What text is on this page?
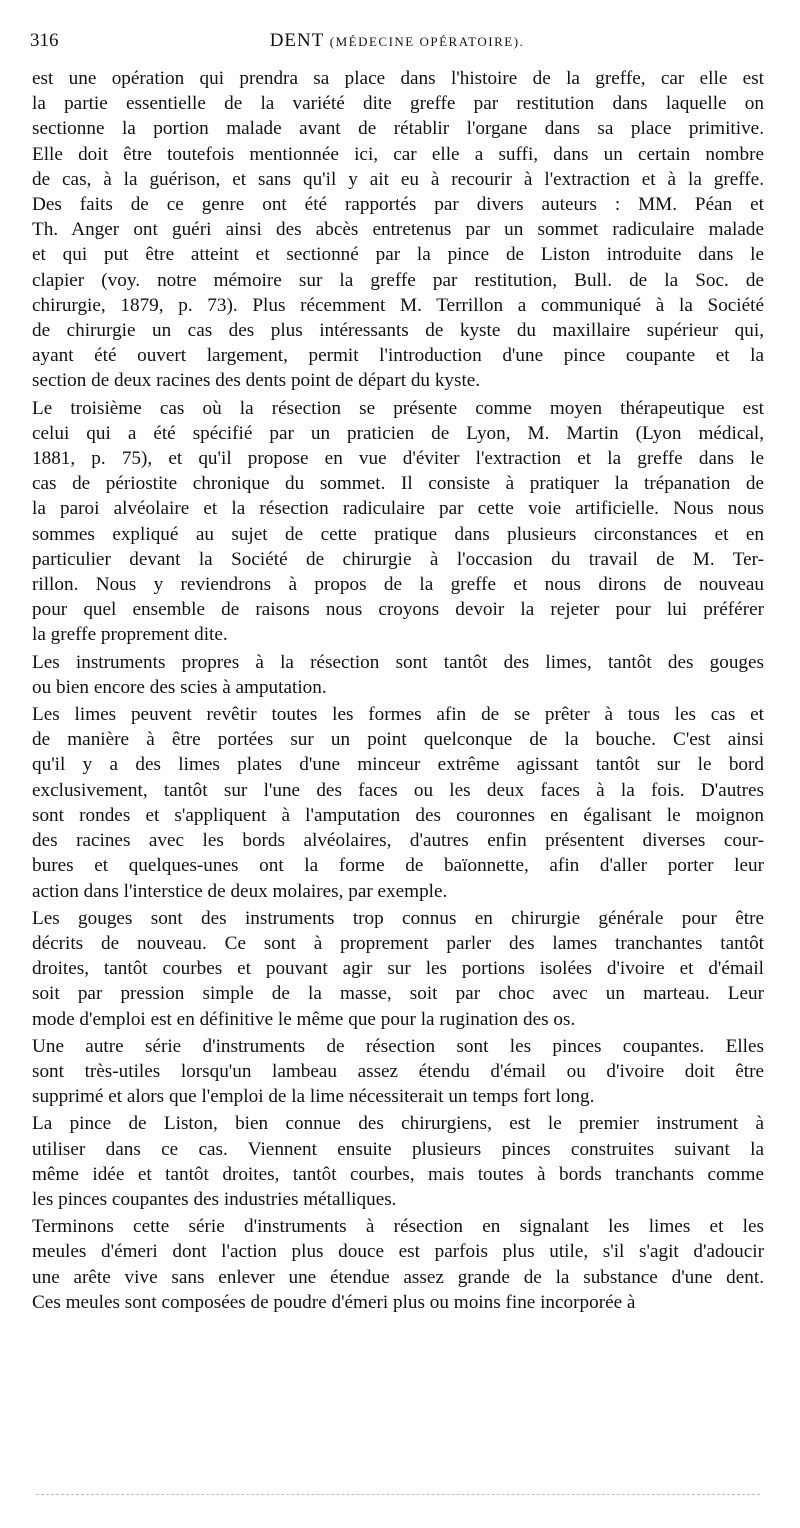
316	DENT (MÉDECINE OPÉRATOIRE).
est une opération qui prendra sa place dans l'histoire de la greffe, car elle est
la partie essentielle de la variété dite greffe par restitution dans laquelle on
sectionne la portion malade avant de rétablir l'organe dans sa place primitive.
Elle doit être toutefois mentionnée ici, car elle a suffi, dans un certain nombre
de cas, à la guérison, et sans qu'il y ait eu à recourir à l'extraction et à la greffe.
Des faits de ce genre ont été rapportés par divers auteurs : MM. Péan et
Th. Anger ont guéri ainsi des abcès entretenus par un sommet radiculaire malade
et qui put être atteint et sectionné par la pince de Liston introduite dans le
clapier (voy. notre mémoire sur la greffe par restitution, Bull. de la Soc. de
chirurgie, 1879, p. 73). Plus récemment M. Terrillon a communiqué à la Société
de chirurgie un cas des plus intéressants de kyste du maxillaire supérieur qui,
ayant été ouvert largement, permit l'introduction d'une pince coupante et la
section de deux racines des dents point de départ du kyste.
Le troisième cas où la résection se présente comme moyen thérapeutique est
celui qui a été spécifié par un praticien de Lyon, M. Martin (Lyon médical,
1881, p. 75), et qu'il propose en vue d'éviter l'extraction et la greffe dans le
cas de périostite chronique du sommet. Il consiste à pratiquer la trépanation de
la paroi alvéolaire et la résection radiculaire par cette voie artificielle. Nous nous
sommes expliqué au sujet de cette pratique dans plusieurs circonstances et en
particulier devant la Société de chirurgie à l'occasion du travail de M. Ter-
rillon. Nous y reviendrons à propos de la greffe et nous dirons de nouveau
pour quel ensemble de raisons nous croyons devoir la rejeter pour lui préférer
la greffe proprement dite.
Les instruments propres à la résection sont tantôt des limes, tantôt des gouges
ou bien encore des scies à amputation.
Les limes peuvent revêtir toutes les formes afin de se prêter à tous les cas et
de manière à être portées sur un point quelconque de la bouche. C'est ainsi
qu'il y a des limes plates d'une minceur extrême agissant tantôt sur le bord
exclusivement, tantôt sur l'une des faces ou les deux faces à la fois. D'autres
sont rondes et s'appliquent à l'amputation des couronnes en égalisant le moignon
des racines avec les bords alvéolaires, d'autres enfin présentent diverses cour-
bures et quelques-unes ont la forme de baïonnette, afin d'aller porter leur
action dans l'interstice de deux molaires, par exemple.
Les gouges sont des instruments trop connus en chirurgie générale pour être
décrits de nouveau. Ce sont à proprement parler des lames tranchantes tantôt
droites, tantôt courbes et pouvant agir sur les portions isolées d'ivoire et d'émail
soit par pression simple de la masse, soit par choc avec un marteau. Leur
mode d'emploi est en définitive le même que pour la rugination des os.
Une autre série d'instruments de résection sont les pinces coupantes. Elles
sont très-utiles lorsqu'un lambeau assez étendu d'émail ou d'ivoire doit être
supprimé et alors que l'emploi de la lime nécessiterait un temps fort long.
La pince de Liston, bien connue des chirurgiens, est le premier instrument à
utiliser dans ce cas. Viennent ensuite plusieurs pinces construites suivant la
même idée et tantôt droites, tantôt courbes, mais toutes à bords tranchants comme
les pinces coupantes des industries métalliques.
Terminons cette série d'instruments à résection en signalant les limes et les
meules d'émeri dont l'action plus douce est parfois plus utile, s'il s'agit d'adoucir
une arête vive sans enlever une étendue assez grande de la substance d'une dent.
Ces meules sont composées de poudre d'émeri plus ou moins fine incorporée à
